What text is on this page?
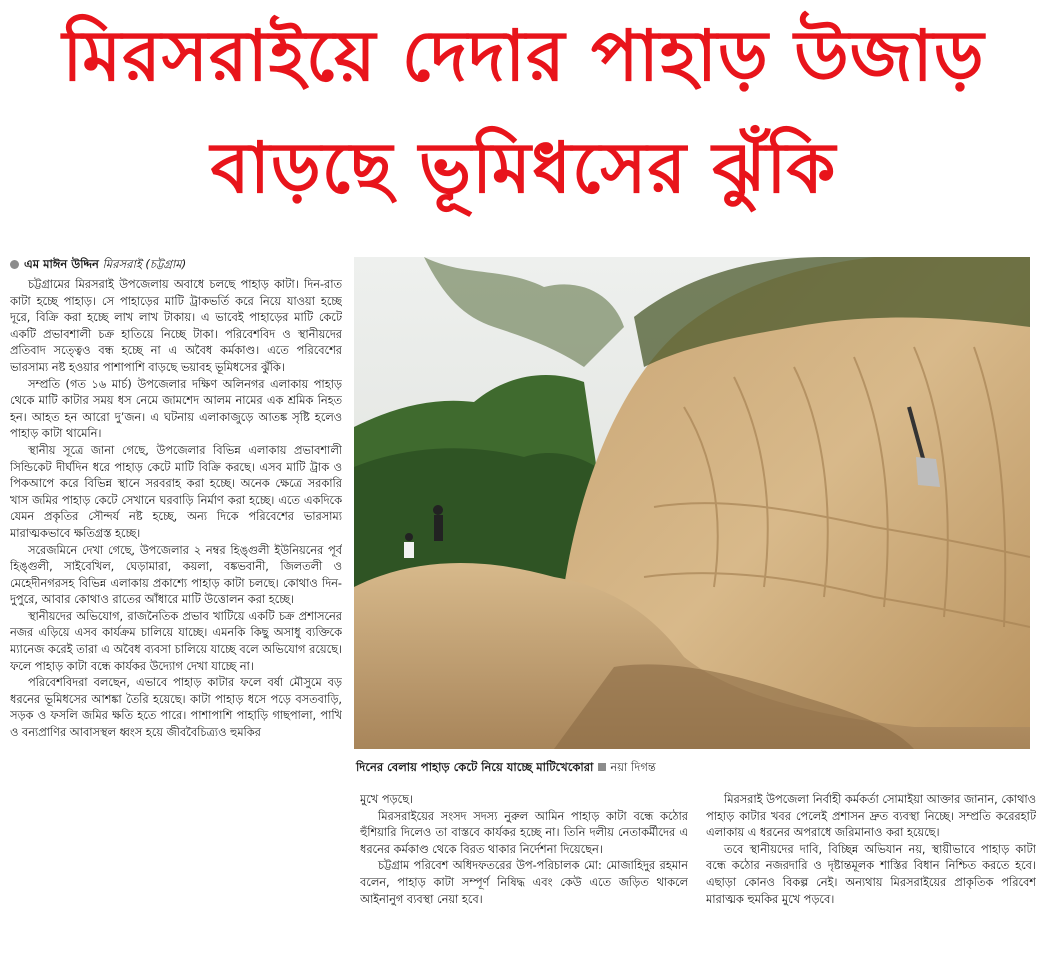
মিরসরাইয়ে দেদার পাহাড় উজাড়
বাড়ছে ভূমিধসের ঝুঁকি
এম মাঈন উদ্দিন মিরসরাই (চট্টগ্রাম)

চট্টগ্রামের মিরসরাই উপজেলায় অবাধে চলছে পাহাড় কাটা। দিন-রাত কাটা হচ্ছে পাহাড়। সে পাহাড়ের মাটি ট্রাকভর্তি করে নিয়ে যাওয়া হচ্ছে দূরে, বিক্রি করা হচ্ছে লাখ লাখ টাকায়। এ ভাবেই পাহাড়ের মাটি কেটে একটি প্রভাবশালী চক্র হাতিয়ে নিচ্ছে টাকা। পরিবেশবিদ ও স্থানীয়দের প্রতিবাদ সত্ত্বেও বন্ধ হচ্ছে না এ অবৈধ কর্মকাণ্ড। এতে পরিবেশের ভারসাম্য নষ্ট হওয়ার পাশাপাশি বাড়ছে ভয়াবহ ভূমিধসের ঝুঁকি।

সম্প্রতি (গত ১৬ মার্চ) উপজেলার দক্ষিণ অলিনগর এলাকায় পাহাড় থেকে মাটি কাটার সময় ধস নেমে জামশেদ আলম নামের এক শ্রমিক নিহত হন। আহত হন আরো দু’জন। এ ঘটনায় এলাকাজুড়ে আতঙ্ক সৃষ্টি হলেও পাহাড় কাটা থামেনি।

স্থানীয় সূত্রে জানা গেছে, উপজেলার বিভিন্ন এলাকায় প্রভাবশালী সিন্ডিকেট দীর্ঘদিন ধরে পাহাড় কেটে মাটি বিক্রি করছে। এসব মাটি ট্রাক ও পিকআপে করে বিভিন্ন স্থানে সরবরাহ করা হচ্ছে। অনেক ক্ষেত্রে সরকারি খাস জমির পাহাড় কেটে সেখানে ঘরবাড়ি নির্মাণ করা হচ্ছে। এতে একদিকে যেমন প্রকৃতির সৌন্দর্য নষ্ট হচ্ছে, অন্য দিকে পরিবেশের ভারসাম্য মারাত্মকভাবে ক্ষতিগ্রস্ত হচ্ছে।

সরেজমিনে দেখা গেছে, উপজেলার ২ নম্বর হিঙ্গুলী ইউনিয়নের পূর্ব হিঙ্গুলী, সাইবেখিল, ঘেড়ামারা, কয়লা, বঙ্কভবানী, জিলতলী ও মেহেদীনগরসহ বিভিন্ন এলাকায় প্রকাশ্যে পাহাড় কাটা চলছে। কোথাও দিন-দুপুরে, আবার কোথাও রাতের আঁধারে মাটি উত্তোলন করা হচ্ছে।

স্থানীয়দের অভিযোগ, রাজনৈতিক প্রভাব খাটিয়ে একটি চক্র প্রশাসনের নজর এড়িয়ে এসব কার্যক্রম চালিয়ে যাচ্ছে। এমনকি কিছু অসাধু ব্যক্তিকে ম্যানেজ করেই তারা এ অবৈধ ব্যবসা চালিয়ে যাচ্ছে বলে অভিযোগ রয়েছে। ফলে পাহাড় কাটা বন্ধে কার্যকর উদ্যোগ দেখা যাচ্ছে না।

পরিবেশবিদরা বলছেন, এভাবে পাহাড় কাটার ফলে বর্ষা মৌসুমে বড় ধরনের ভূমিধসের আশঙ্কা তৈরি হয়েছে। কাটা পাহাড় ধসে পড়ে বসতবাড়ি, সড়ক ও ফসলি জমির ক্ষতি হতে পারে। পাশাপাশি পাহাড়ি গাছপালা, পাখি ও বন্যপ্রাণির আবাসস্থল ধ্বংস হয়ে জীববৈচিত্র্যও হুমকির

দিনের বেলায় পাহাড় কেটে নিয়ে যাচ্ছে মাটিখেকোরা নয়া দিগন্ত

মুখে পড়ছে।

মিরসরাইয়ের সংসদ সদস্য নুরুল আমিন পাহাড় কাটা বন্ধে কঠোর হুঁশিয়ারি দিলেও তা বাস্তবে কার্যকর হচ্ছে না। তিনি দলীয় নেতাকর্মীদের এ ধরনের কর্মকাণ্ড থেকে বিরত থাকার নির্দেশনা দিয়েছেন।

চট্টগ্রাম পরিবেশ অধিদফতরের উপ-পরিচালক মো: মোজাহিদুর রহমান বলেন, পাহাড় কাটা সম্পূর্ণ নিষিদ্ধ এবং কেউ এতে জড়িত থাকলে আইনানুগ ব্যবস্থা নেয়া হবে।

মিরসরাই উপজেলা নির্বাহী কর্মকর্তা সোমাইয়া আক্তার জানান, কোথাও পাহাড় কাটার খবর পেলেই প্রশাসন দ্রুত ব্যবস্থা নিচ্ছে। সম্প্রতি করেরহাট এলাকায় এ ধরনের অপরাধে জরিমানাও করা হয়েছে।

তবে স্থানীয়দের দাবি, বিচ্ছিন্ন অভিযান নয়, স্থায়ীভাবে পাহাড় কাটা বন্ধে কঠোর নজরদারি ও দৃষ্টান্তমূলক শাস্তির বিধান নিশ্চিত করতে হবে। এছাড়া কোনও বিকল্প নেই। অন্যথায় মিরসরাইয়ের প্রাকৃতিক পরিবেশ মারাত্মক হুমকির মুখে পড়বে।
